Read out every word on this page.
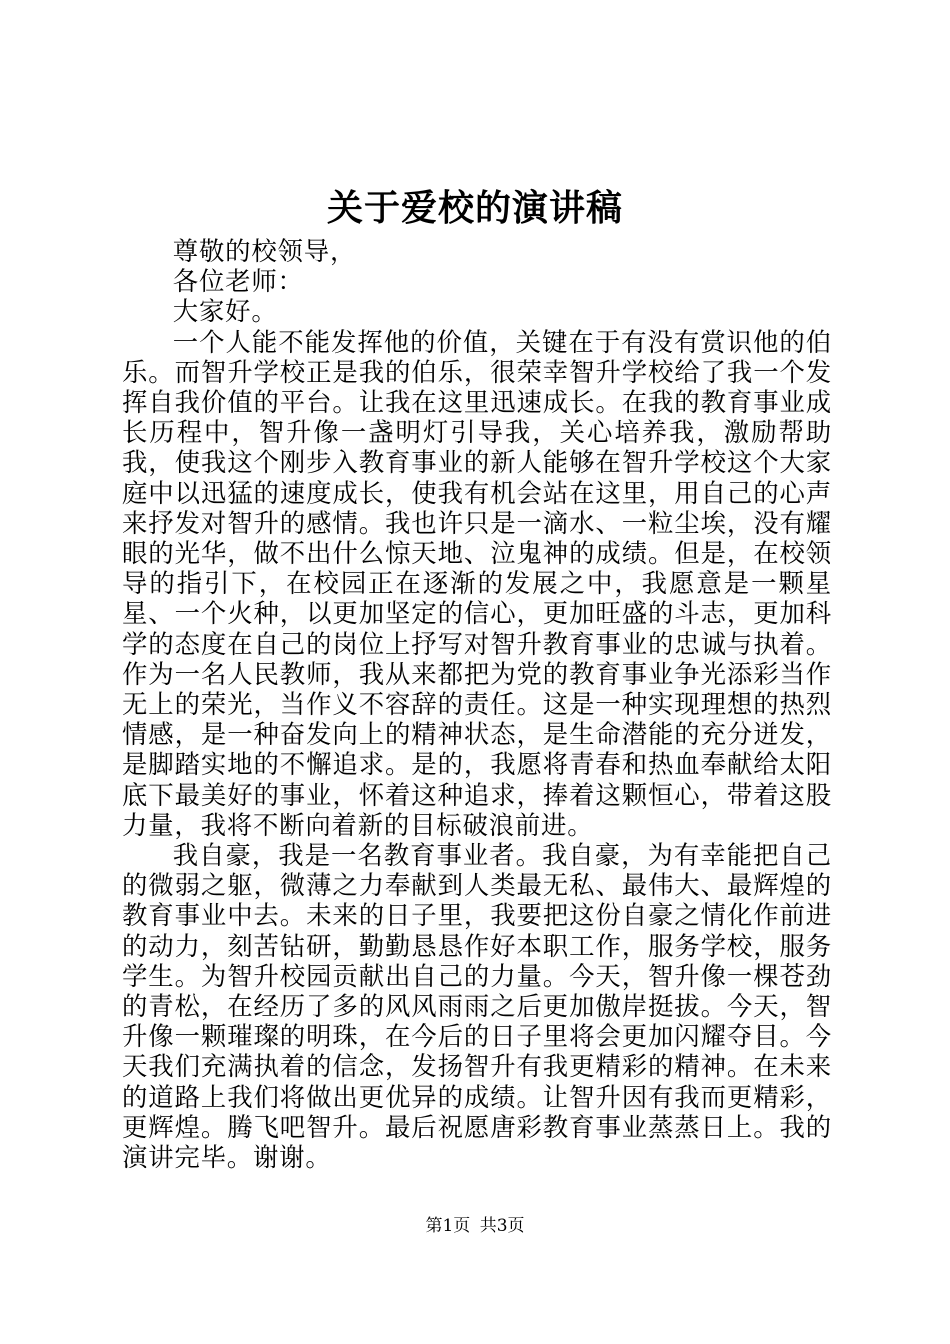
关于爱校的演讲稿

尊敬的校领导，

各位老师：

大家好。

一个人能不能发挥他的价值，关键在于有没有赏识他的伯乐。而智升学校正是我的伯乐，很荣幸智升学校给了我一个发挥自我价值的平台。让我在这里迅速成长。在我的教育事业成长历程中，智升像一盏明灯引导我，关心培养我，激励帮助我，使我这个刚步入教育事业的新人能够在智升学校这个大家庭中以迅猛的速度成长，使我有机会站在这里，用自己的心声来抒发对智升的感情。我也许只是一滴水、一粒尘埃，没有耀眼的光华，做不出什么惊天地、泣鬼神的成绩。但是，在校领导的指引下，在校园正在逐渐的发展之中，我愿意是一颗星星、一个火种，以更加坚定的信心，更加旺盛的斗志，更加科学的态度在自己的岗位上抒写对智升教育事业的忠诚与执着。作为一名人民教师，我从来都把为党的教育事业争光添彩当作无上的荣光，当作义不容辞的责任。这是一种实现理想的热烈情感，是一种奋发向上的精神状态，是生命潜能的充分迸发，是脚踏实地的不懈追求。是的，我愿将青春和热血奉献给太阳底下最美好的事业，怀着这种追求，捧着这颗恒心，带着这股力量，我将不断向着新的目标破浪前进。

我自豪，我是一名教育事业者。我自豪，为有幸能把自己的微弱之躯，微薄之力奉献到人类最无私、最伟大、最辉煌的教育事业中去。未来的日子里，我要把这份自豪之情化作前进的动力，刻苦钻研，勤勤恳恳作好本职工作，服务学校，服务学生。为智升校园贡献出自己的力量。今天，智升像一棵苍劲的青松，在经历了多的风风雨雨之后更加傲岸挺拔。今天，智升像一颗璀璨的明珠，在今后的日子里将会更加闪耀夺目。今天我们充满执着的信念，发扬智升有我更精彩的精神。在未来的道路上我们将做出更优异的成绩。让智升因有我而更精彩，更辉煌。腾飞吧智升。最后祝愿唐彩教育事业蒸蒸日上。我的演讲完毕。谢谢。

第1页 共3页
